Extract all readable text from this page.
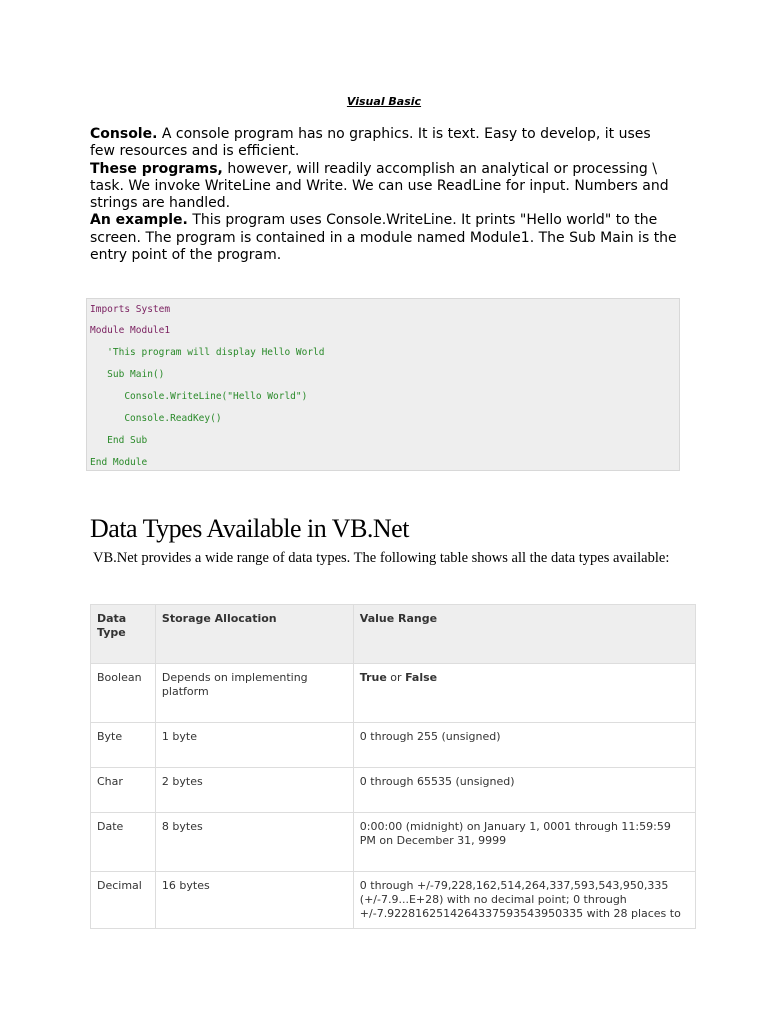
Visual Basic

Console. A console program has no graphics. It is text. Easy to develop, it uses few resources and is efficient.

These programs, however, will readily accomplish an analytical or processing \ task. We invoke WriteLine and Write. We can use ReadLine for input. Numbers and strings are handled.

An example. This program uses Console.WriteLine. It prints "Hello world" to the screen. The program is contained in a module named Module1. The Sub Main is the entry point of the program.

Imports System
Module Module1
'This program will display Hello World
Sub Main()
Console.WriteLine("Hello World")
Console.ReadKey()
End Sub
End Module
Data Types Available in VB.Net
VB.Net provides a wide range of data types. The following table shows all the data types available:
Data Type	Storage Allocation	Value Range
Boolean	Depends on implementing platform	True or False
Byte	1 byte	0 through 255 (unsigned)
Char	2 bytes	0 through 65535 (unsigned)
Date	8 bytes	0:00:00 (midnight) on January 1, 0001 through 11:59:59 PM on December 31, 9999
Decimal	16 bytes	0 through +/-79,228,162,514,264,337,593,543,950,335 (+/-7.9...E+28) with no decimal point; 0 through +/-7.9228162514264337593543950335 with 28 places to
